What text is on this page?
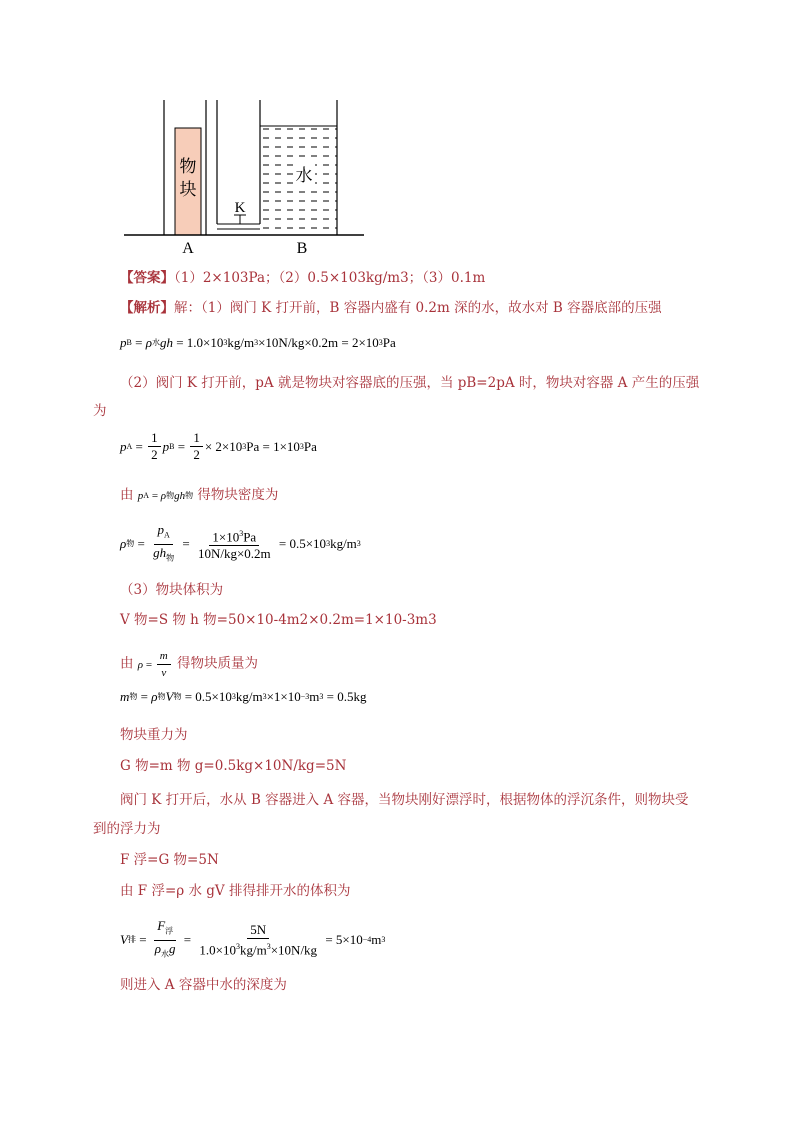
物
块
水
K
A	B
【答案】（1）2×103Pa；（2）0.5×103kg/m3；（3）0.1m
【解析】解：（1）阀门 K 打开前，B 容器内盛有 0.2m 深的水，故水对 B 容器底部的压强
p B = ρ 水 gh
= 1.0×10 3 kg/m 3 ×10N/kg×0.2m = 2×10 3 Pa
（2）阀门 K 打开前，pA 就是物块对容器底的压强，当 pB=2pA 时，物块对容器 A 产生的压强
为
p $A = \frac{1}{2}$ p $B = \frac{1}{2} \times 2\times 10$ 3 Pa = 1×10 3 Pa
由 p A = ρ 物 gh 物 得物块密度为
ρ 物 = $\frac{p_A}{gh_物} = \frac{1\times 10^3Pa}{10N/kg\times 0.2m}$
= 0.5×10 3 kg/m 3
（3）物块体积为
V 物=S 物 h 物=50×10-4m2×0.2m=1×10-3m3
由 $\rho = \frac{m}{v}$ 得物块质量为
m 物 = ρ 物 V 物
= 0.5×10 3 kg/m 3 ×1×10 −3 m 3
= 0.5kg
物块重力为
G 物=m 物 g=0.5kg×10N/kg=5N
阀门 K 打开后，水从 B 容器进入 A 容器，当物块刚好漂浮时，根据物体的浮沉条件，则物块受
到的浮力为
F 浮=G 物=5N
由 F 浮=ρ 水 gV 排得排开水的体积为
V 排 = $\frac{F_浮}{\rho_水g} = \frac{5N}{1.0\times 10^3kg/m^3\times 10N/kg}$
= 5×10 −4 m 3
则进入 A 容器中水的深度为
